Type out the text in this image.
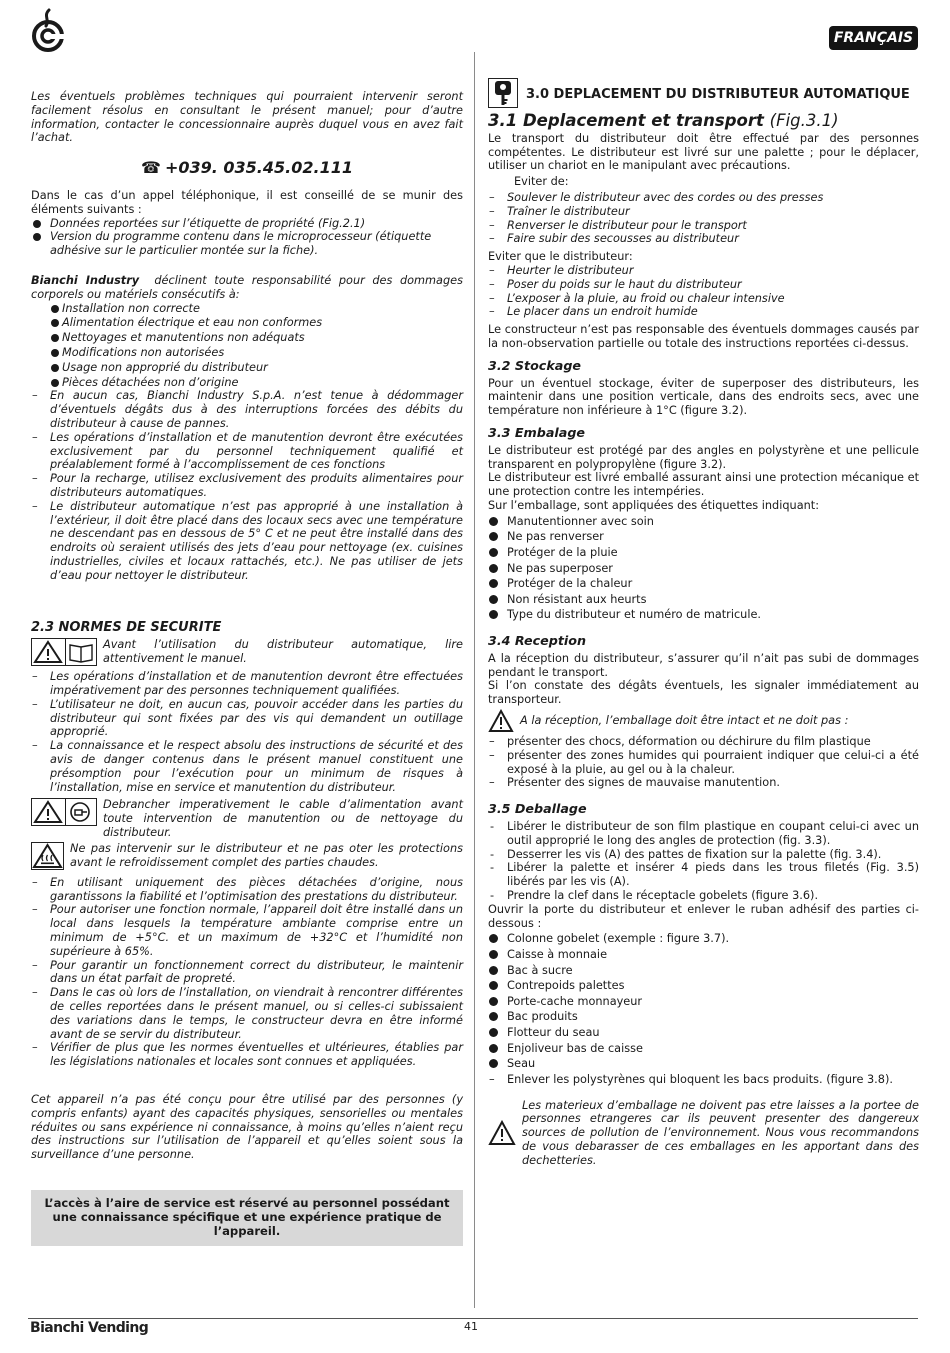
FRANÇAIS

Les éventuels problèmes techniques qui pourraient intervenir seront facilement résolus en consultant le présent manuel; pour d’autre information, contacter le concessionnaire auprès duquel vous en avez fait l’achat.

☎ +039. 035.45.02.111

Dans le cas d’un appel téléphonique, il est conseillé de se munir des éléments suivants :

Données reportées sur l’étiquette de propriété (Fig.2.1)
Version du programme contenu dans le microprocesseur (étiquette adhésive sur le particulier montée sur la fiche).

Bianchi Industry déclinent toute responsabilité pour des dommages corporels ou matériels consécutifs à:

Installation non correcte
Alimentation électrique et eau non conformes
Nettoyages et manutentions non adéquats
Modifications non autorisées
Usage non approprié du distributeur
Pièces détachées non d’origine
– En aucun cas, Bianchi Industry S.p.A. n’est tenue à dédommager d’éventuels dégâts dus à des interruptions forcées des débits du distributeur à cause de pannes.
– Les opérations d’installation et de manutention devront être exécutées exclusivement par du personnel techniquement qualifié et préalablement formé à l’accomplissement de ces fonctions
– Pour la recharge, utilisez exclusivement des produits alimentaires pour distributeurs automatiques.
– Le distributeur automatique n’est pas approprié à une installation à l’extérieur, il doit être placé dans des locaux secs avec une température ne descendant pas en dessous de 5° C et ne peut être installé dans des endroits où seraient utilisés des jets d’eau pour nettoyage (ex. cuisines industrielles, civiles et locaux rattachés, etc.). Ne pas utiliser de jets d’eau pour nettoyer le distributeur.

2.3 NORMES DE SECURITE

Avant l’utilisation du distributeur automatique, lire attentivement le manuel.

– Les opérations d’installation et de manutention devront être effectuées impérativement par des personnes techniquement qualifiées.
– L’utilisateur ne doit, en aucun cas, pouvoir accéder dans les parties du distributeur qui sont fixées par des vis qui demandent un outillage approprié.
– La connaissance et le respect absolu des instructions de sécurité et des avis de danger contenus dans le présent manuel constituent une présomption pour l’exécution pour un minimum de risques à l’installation, mise en service et manutention du distributeur.

Debrancher imperativement le cable d’alimentation avant toute intervention de manutention ou de nettoyage du distributeur.

Ne pas intervenir sur le distributeur et ne pas oter les protections avant le refroidissement complet des parties chaudes.

– En utilisant uniquement des pièces détachées d’origine, nous garantissons la fiabilité et l’optimisation des prestations du distributeur.
– Pour autoriser une fonction normale, l’appareil doit être installé dans un local dans lesquels la température ambiante comprise entre un minimum de +5°C. et un maximum de +32°C et l’humidité non supérieure à 65%.
– Pour garantir un fonctionnement correct du distributeur, le maintenir dans un état parfait de propreté.
– Dans le cas où lors de l’installation, on viendrait à rencontrer différentes de celles reportées dans le présent manuel, ou si celles-ci subissaient des variations dans le temps, le constructeur devra en être informé avant de se servir du distributeur.
– Vérifier de plus que les normes éventuelles et ultérieures, établies par les législations nationales et locales sont connues et appliquées.

Cet appareil n’a pas été conçu pour être utilisé par des personnes (y compris enfants) ayant des capacités physiques, sensorielles ou mentales réduites ou sans expérience ni connaissance, à moins qu’elles n’aient reçu des instructions sur l’utilisation de l’appareil et qu’elles soient sous la surveillance d’une personne.

L’accès à l’aire de service est réservé au personnel possédant une connaissance spécifique et une expérience pratique de l’appareil.
3.0 DEPLACEMENT DU DISTRIBUTEUR AUTOMATIQUE

3.1 Deplacement et transport (Fig.3.1)

Le transport du distributeur doit être effectué par des personnes compétentes. Le distributeur est livré sur une palette ; pour le déplacer, utiliser un chariot en le manipulant avec précautions.

Eviter de:

– Soulever le distributeur avec des cordes ou des presses
– Traîner le distributeur
– Renverser le distributeur pour le transport
– Faire subir des secousses au distributeur

Eviter que le distributeur:

– Heurter le distributeur
– Poser du poids sur le haut du distributeur
– L’exposer à la pluie, au froid ou chaleur intensive
– Le placer dans un endroit humide

Le constructeur n’est pas responsable des éventuels dommages causés par la non-observation partielle ou totale des instructions reportées ci-dessus.

3.2 Stockage

Pour un éventuel stockage, éviter de superposer des distributeurs, les maintenir dans une position verticale, dans des endroits secs, avec une température non inférieure à 1°C (figure 3.2).

3.3 Embalage

Le distributeur est protégé par des angles en polystyrène et une pellicule transparent en polypropylène (figure 3.2).

Le distributeur est livré emballé assurant ainsi une protection mécanique et une protection contre les intempéries.

Sur l’emballage, sont appliquées des étiquettes indiquant:

Manutentionner avec soin
Ne pas renverser
Protéger de la pluie
Ne pas superposer
Protéger de la chaleur
Non résistant aux heurts
Type du distributeur et numéro de matricule.

3.4 Reception

A la réception du distributeur, s’assurer qu’il n’ait pas subi de dommages pendant le transport.

Si l’on constate des dégâts éventuels, les signaler immédiatement au transporteur.

A la réception, l’emballage doit être intact et ne doit pas :

– présenter des chocs, déformation ou déchirure du film plastique
– présenter des zones humides qui pourraient indiquer que celui-ci a été exposé à la pluie, au gel ou à la chaleur.
– Présenter des signes de mauvaise manutention.

3.5 Deballage

- Libérer le distributeur de son film plastique en coupant celui-ci avec un outil approprié le long des angles de protection (fig. 3.3).
- Desserrer les vis (A) des pattes de fixation sur la palette (fig. 3.4).
- Libérer la palette et insérer 4 pieds dans les trous filetés (Fig. 3.5) libérés par les vis (A).
- Prendre la clef dans le réceptacle gobelets (figure 3.6).

Ouvrir la porte du distributeur et enlever le ruban adhésif des parties ci-dessous :

Colonne gobelet (exemple : figure 3.7).
Caisse à monnaie
Bac à sucre
Contrepoids palettes
Porte-cache monnayeur
Bac produits
Flotteur du seau
Enjoliveur bas de caisse
Seau
– Enlever les polystyrènes qui bloquent les bacs produits. (figure 3.8).

Les materieux d’emballage ne doivent pas etre laisses a la portee de personnes etrangeres car ils peuvent presenter des dangereux sources de pollution de l’environnement. Nous vous recommandons de vous debarasser de ces emballages en les apportant dans des dechetteries.

Bianchi Vending	41
